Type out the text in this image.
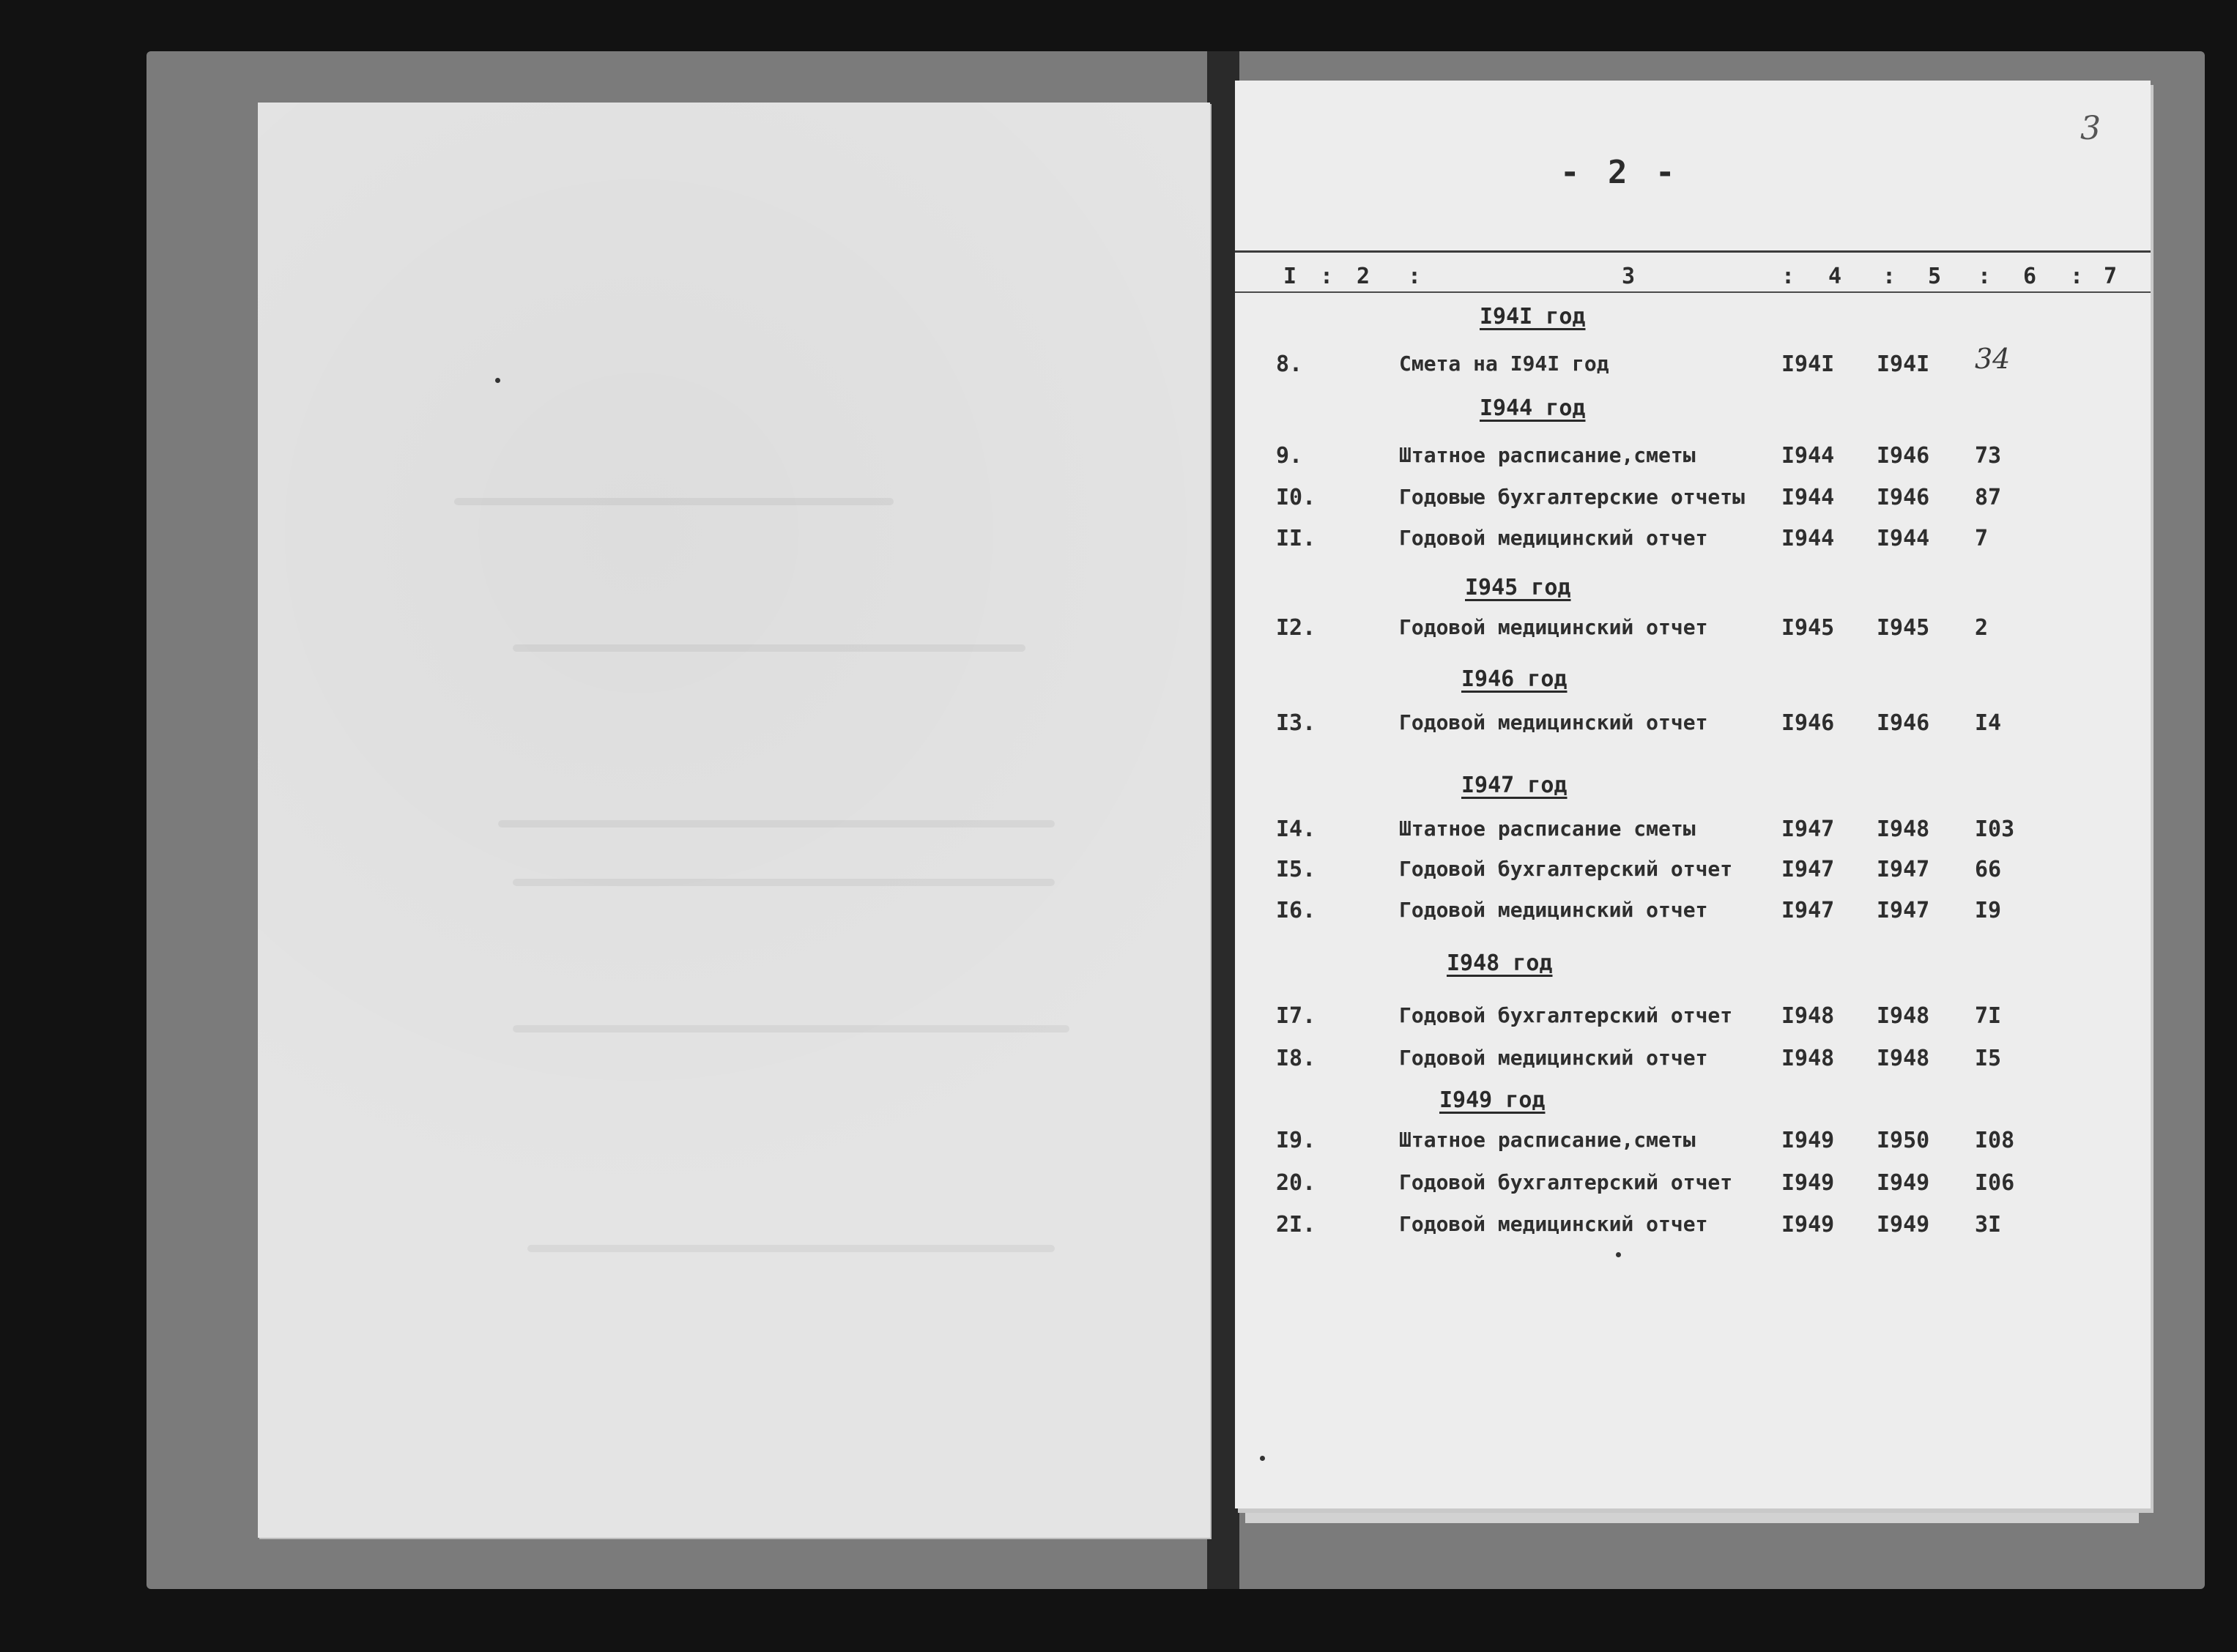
- 2 -
3
I : 2 :	3	: 4 : 5 : 6 : 7
I94I год
8.	Смета на I94I год	I94I I94I 34
I944 год
9.	Штатное расписание,сметы	I944 I946 73
I0.	Годовые бухгалтерские отчеты I944 I946 87
II.	Годовой медицинский отчет	I944 I944 7
I945 год
I2.	Годовой медицинский отчет	I945 I945 2
I946 год
I3.	Годовой медицинский отчет	I946 I946 I4
I947 год
I4.	Штатное расписание сметы	I947 I948 I03
I5.	Годовой бухгалтерский отчет I947 I947 66
I6.	Годовой медицинский отчет	I947 I947 I9
I948 год
I7.	Годовой бухгалтерский отчет I948 I948 7I
I8.	Годовой медицинский отчет	I948 I948 I5
I949 год
I9.	Штатное расписание,сметы	I949 I950 I08
20.	Годовой бухгалтерский отчет I949 I949 I06
2I.	Годовой медицинский отчет	I949 I949 3I
